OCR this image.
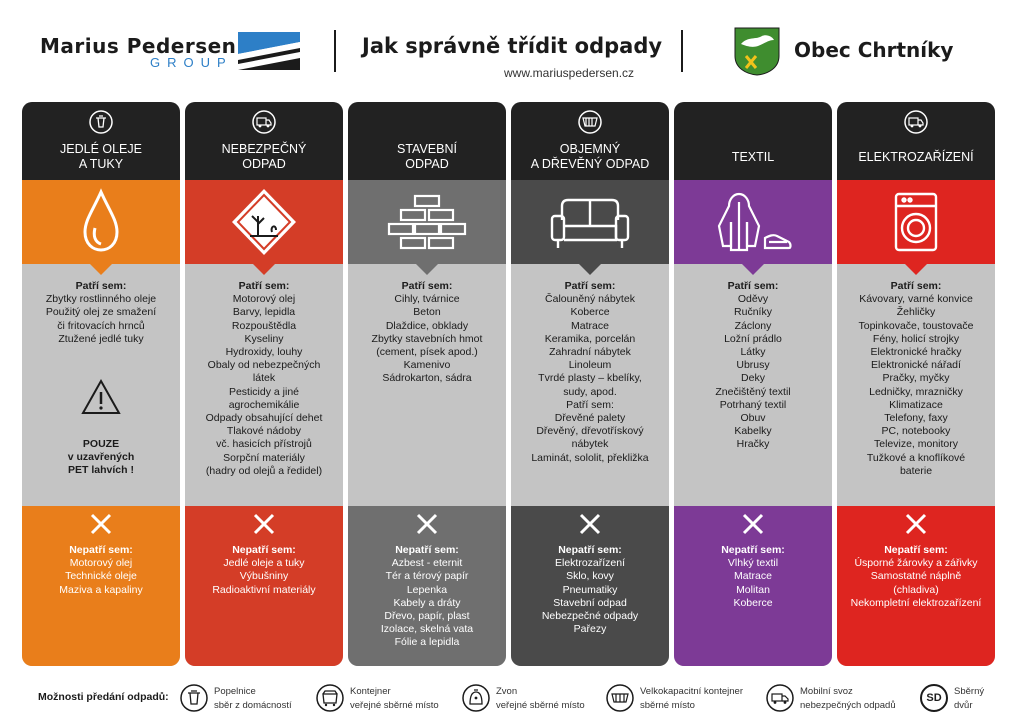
Marius Pedersen
GROUP
Jak správně třídit odpady
www.mariuspedersen.cz
Obec Chrtníky
JEDLÉ OLEJE
A TUKY
Patří sem:
Zbytky rostlinného oleje
Použitý olej ze smažení
či fritovacích hrnců
Ztužené jedlé tuky
POUZE
v uzavřených
PET lahvích !
Nepatří sem:
Motorový olej
Technické oleje
Maziva a kapaliny
NEBEZPEČNÝ
ODPAD
Patří sem:
Motorový olej
Barvy, lepidla
Rozpouštědla
Kyseliny
Hydroxidy, louhy
Obaly od nebezpečných
látek
Pesticidy a jiné
agrochemikálie
Odpady obsahující dehet
Tlakové nádoby
vč. hasicích přístrojů
Sorpční materiály
(hadry od olejů a ředidel)
Nepatří sem:
Jedlé oleje a tuky
Výbušniny
Radioaktivní materiály
STAVEBNÍ
ODPAD
Patří sem:
Cihly, tvárnice
Beton
Dlaždice, obklady
Zbytky stavebních hmot
(cement, písek apod.)
Kamenivo
Sádrokarton, sádra
Nepatří sem:
Azbest - eternit
Tér a térový papír
Lepenka
Kabely a dráty
Dřevo, papír, plast
Izolace, skelná vata
Fólie a lepidla
OBJEMNÝ
A DŘEVĚNÝ ODPAD
Patří sem:
Čalouněný nábytek
Koberce
Matrace
Keramika, porcelán
Zahradní nábytek
Linoleum
Tvrdé plasty – kbelíky,
sudy, apod.
Patří sem:
Dřevěné palety
Dřevěný, dřevotřískový
nábytek
Laminát, sololit, překližka
Nepatří sem:
Elektrozařízení
Sklo, kovy
Pneumatiky
Stavební odpad
Nebezpečné odpady
Pařezy
TEXTIL
Patří sem:
Oděvy
Ručníky
Záclony
Ložní prádlo
Látky
Ubrusy
Deky
Znečištěný textil
Potrhaný textil
Obuv
Kabelky
Hračky
Nepatří sem:
Vlhký textil
Matrace
Molitan
Koberce
ELEKTROZAŘÍZENÍ
Patří sem:
Kávovary, varné konvice
Žehličky
Topinkovače, toustovače
Fény, holicí strojky
Elektronické hračky
Elektronické nářadí
Pračky, myčky
Ledničky, mrazničky
Klimatizace
Telefony, faxy
PC, notebooky
Televize, monitory
Tužkové a knoflíkové
baterie
Nepatří sem:
Úsporné žárovky a zářivky
Samostatné náplně
(chladiva)
Nekompletní elektrozařízení
Možnosti předání odpadů:	Popelnice
sběr z domácností
Kontejner
veřejné sběrné místo
Zvon
veřejné sběrné místo
Velkokapacitní kontejner
sběrné místo
Mobilní svoz
nebezpečných odpadů
SD
Sběrný
dvůr
